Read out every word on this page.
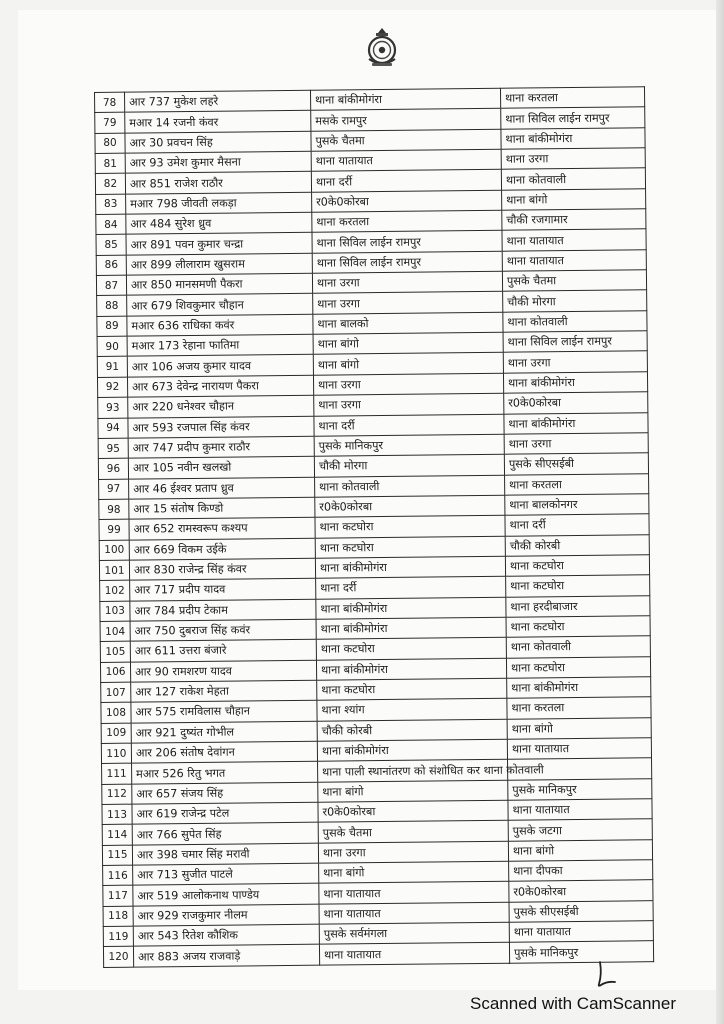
78	आर 737 मुकेश लहरे	थाना बांकीमोगंरा	थाना करतला
79	मआर 14 रजनी कंवर	मसके रामपुर	थाना सिविल लाईन रामपुर
80	आर 30 प्रवचन सिंह	पुसके चैतमा	थाना बांकीमोगंरा
81	आर 93 उमेश कुमार मैसना	थाना यातायात	थाना उरगा
82	आर 851 राजेश राठौर	थाना दर्री	थाना कोतवाली
83	मआर 798 जीवती लकड़ा	र0के0कोरबा	थाना बांगो
84	आर 484 सुरेश ध्रुव	थाना करतला	चौकी रजगामार
85	आर 891 पवन कुमार चन्द्रा	थाना सिविल लाईन रामपुर	थाना यातायात
86	आर 899 लीलाराम खुसराम	थाना सिविल लाईन रामपुर	थाना यातायात
87	आर 850 मानसमणी पैकरा	थाना उरगा	पुसके चैतमा
88	आर 679 शिवकुमार चौहान	थाना उरगा	चौकी मोरगा
89	मआर 636 राधिका कवंर	थाना बालको	थाना कोतवाली
90	मआर 173 रेहाना फातिमा	थाना बांगो	थाना सिविल लाईन रामपुर
91	आर 106 अजय कुमार यादव	थाना बांगो	थाना उरगा
92	आर 673 देवेन्द्र नारायण पैकरा	थाना उरगा	थाना बांकीमोगंरा
93	आर 220 धनेश्वर चौहान	थाना उरगा	र0के0कोरबा
94	आर 593 रजपाल सिंह कंवर	थाना दर्री	थाना बांकीमोगंरा
95	आर 747 प्रदीप कुमार राठौर	पुसके मानिकपुर	थाना उरगा
96	आर 105 नवीन खलखो	चौकी मोरगा	पुसके सीएसईबी
97	आर 46 ईश्वर प्रताप ध्रुव	थाना कोतवाली	थाना करतला
98	आर 15 संतोष किण्डो	र0के0कोरबा	थाना बालकोनगर
99	आर 652 रामस्वरूप कश्यप	थाना कटघोरा	थाना दर्री
100	आर 669 विकम उईके	थाना कटघोरा	चौकी कोरबी
101	आर 830 राजेन्द्र सिंह कंवर	थाना बांकीमोगंरा	थाना कटघोरा
102	आर 717 प्रदीप यादव	थाना दर्री	थाना कटघोरा
103	आर 784 प्रदीप टेकाम	थाना बांकीमोगंरा	थाना हरदीबाजार
104	आर 750 दुबराज सिंह कवंर	थाना बांकीमोगंरा	थाना कटघोरा
105	आर 611 उत्तरा बंजारे	थाना कटघोरा	थाना कोतवाली
106	आर 90 रामशरण यादव	थाना बांकीमोगंरा	थाना कटघोरा
107	आर 127 राकेश मेहता	थाना कटघोरा	थाना बांकीमोगंरा
108	आर 575 रामविलास चौहान	थाना श्यांग	थाना करतला
109	आर 921 दुष्यंत गोभील	चौकी कोरबी	थाना बांगो
110	आर 206 संतोष देवांगन	थाना बांकीमोगंरा	थाना यातायात
111	मआर 526 रितु भगत	थाना पाली स्थानांतरण को संशोधित कर थाना कोतवाली	
112	आर 657 संजय सिंह	थाना बांगो	पुसके मानिकपुर
113	आर 619 राजेन्द्र पटेल	र0के0कोरबा	थाना यातायात
114	आर 766 सुपेत सिंह	पुसके चैतमा	पुसके जटगा
115	आर 398 चमार सिंह मरावी	थाना उरगा	थाना बांगो
116	आर 713 सुजीत पाटले	थाना बांगो	थाना दीपका
117	आर 519 आलोकनाथ पाण्डेय	थाना यातायात	र0के0कोरबा
118	आर 929 राजकुमार नीलम	थाना यातायात	पुसके सीएसईबी
119	आर 543 रितेश कौशिक	पुसके सर्वमंगला	थाना यातायात
120	आर 883 अजय राजवाड़े	थाना यातायात	पुसके मानिकपुर
Scanned with CamScanner
